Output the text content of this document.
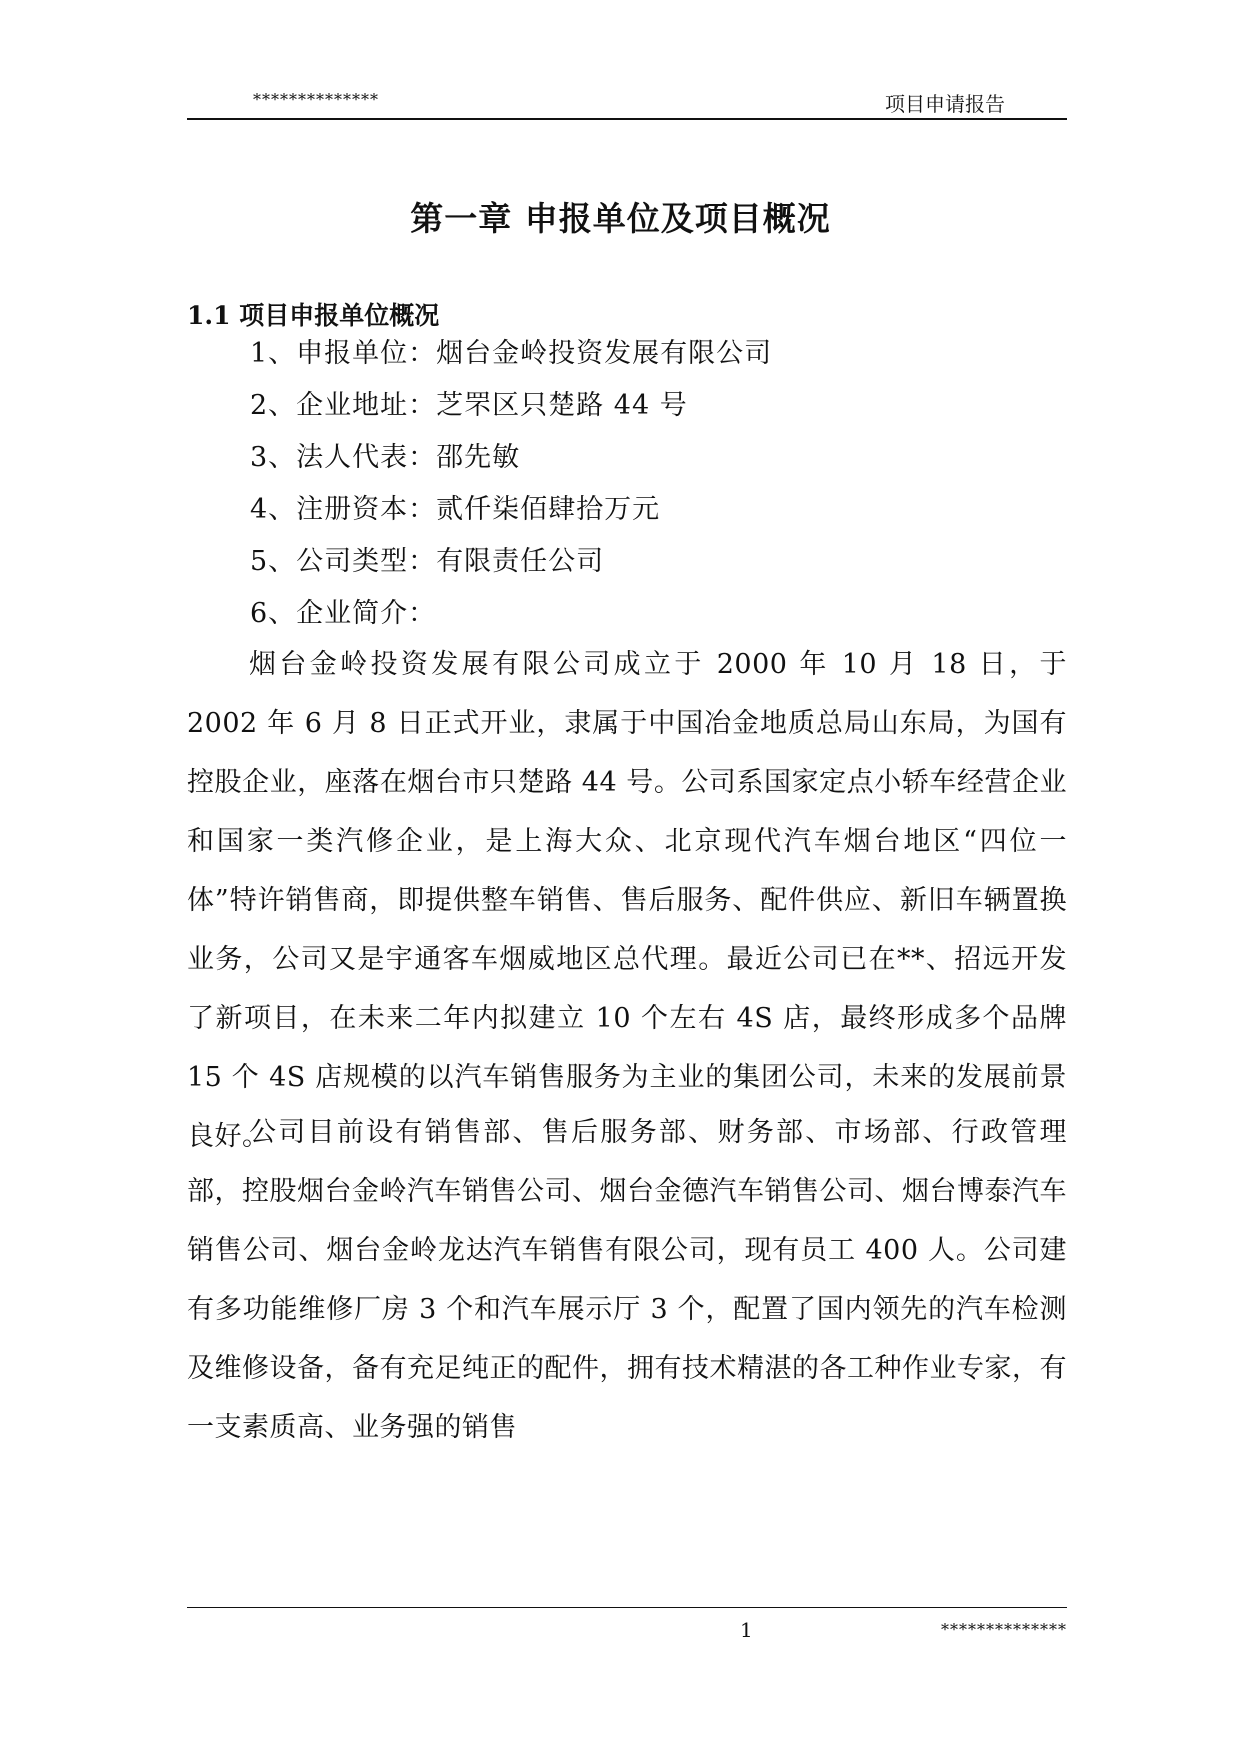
**************	项目申请报告
第一章 申报单位及项目概况
1.1 项目申报单位概况
1、申报单位：烟台金岭投资发展有限公司
2、企业地址：芝罘区只楚路 44 号
3、法人代表：邵先敏
4、注册资本：贰仟柒佰肆拾万元
5、公司类型：有限责任公司
6、企业简介：

烟台金岭投资发展有限公司成立于 2000 年 10 月 18 日，于 2002 年 6 月 8 日正式开业，隶属于中国冶金地质总局山东局，为国有控股企业，座落在烟台市只楚路 44 号。公司系国家定点小轿车经营企业和国家一类汽修企业，是上海大众、北京现代汽车烟台地区“四位一体”特许销售商，即提供整车销售、售后服务、配件供应、新旧车辆置换业务，公司又是宇通客车烟威地区总代理。最近公司已在**、招远开发了新项目，在未来二年内拟建立 10 个左右 4S 店，最终形成多个品牌 15 个 4S 店规模的以汽车销售服务为主业的集团公司，未来的发展前景良好。

公司目前设有销售部、售后服务部、财务部、市场部、行政管理部，控股烟台金岭汽车销售公司、烟台金德汽车销售公司、烟台博泰汽车销售公司、烟台金岭龙达汽车销售有限公司，现有员工 400 人。公司建有多功能维修厂房 3 个和汽车展示厅 3 个，配置了国内领先的汽车检测及维修设备，备有充足纯正的配件，拥有技术精湛的各工种作业专家，有一支素质高、业务强的销售

1	**************
